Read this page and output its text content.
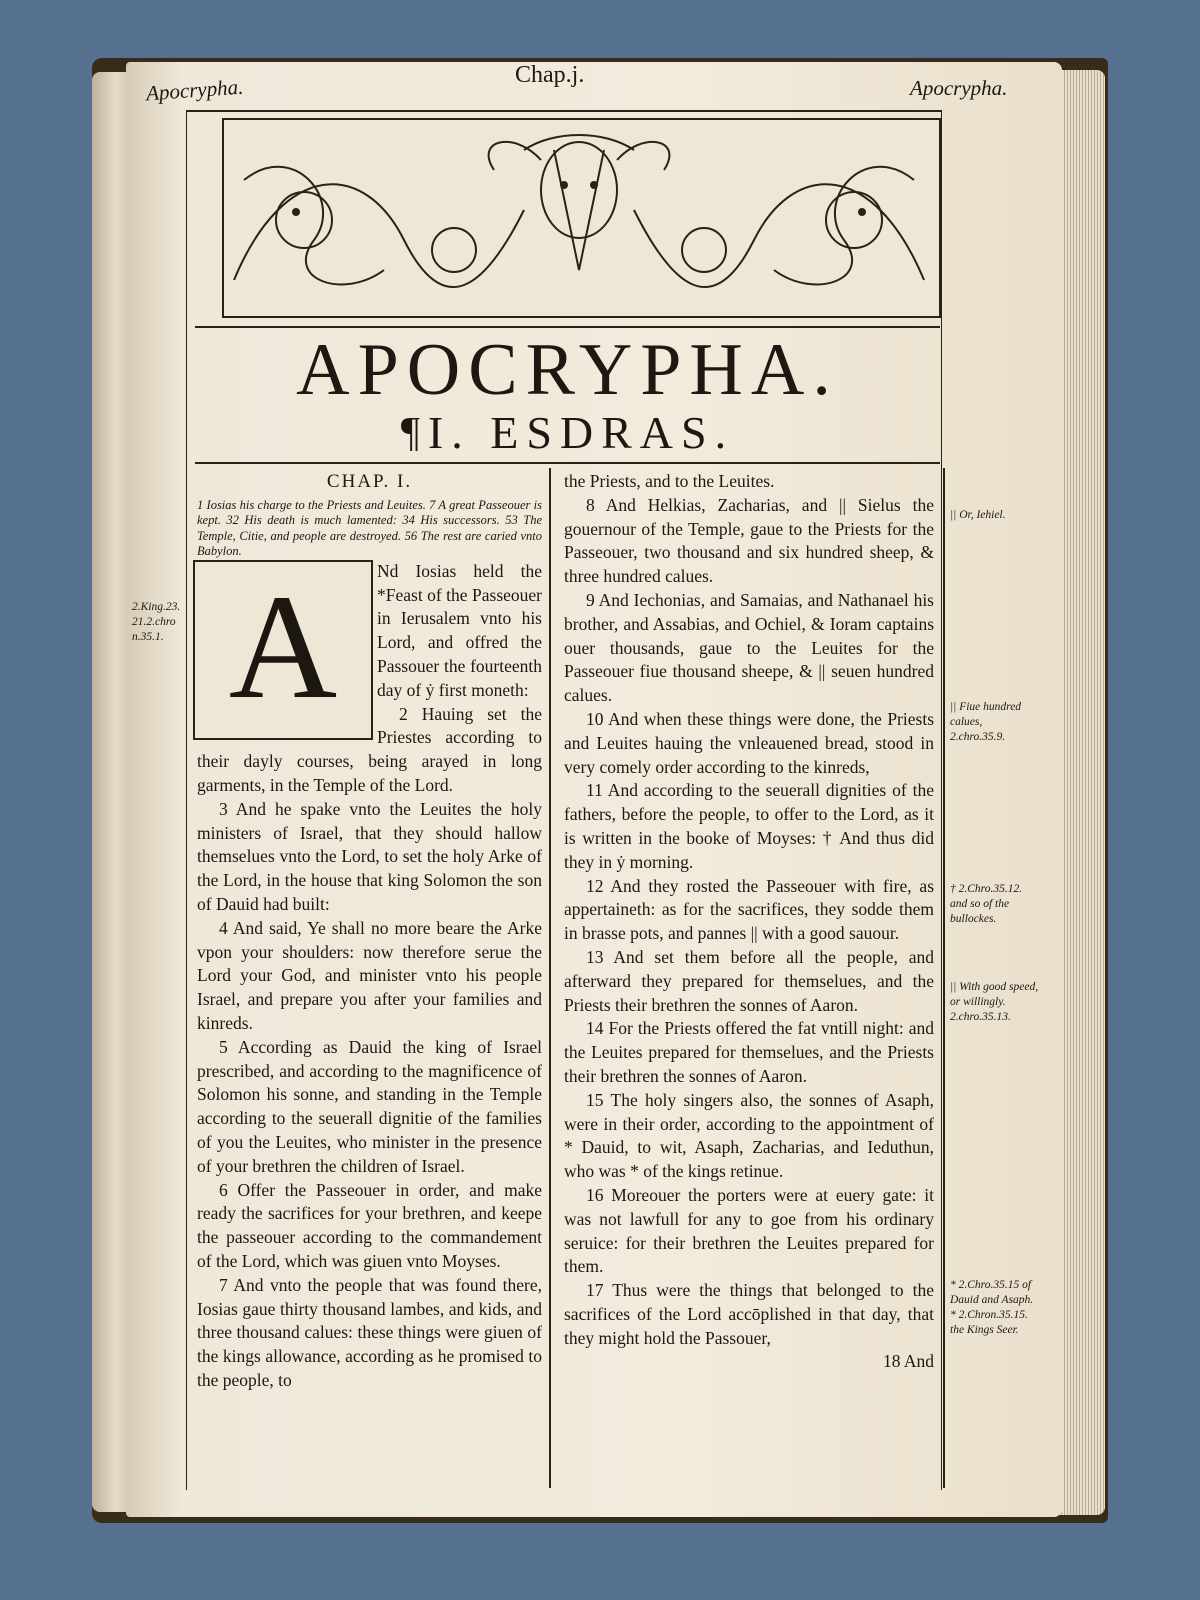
Apocrypha.	Chap.j.	Apocrypha.
APOCRYPHA.
¶I. ESDRAS.
2.King.23.21.2.chron.35.1.
CHAP. I.

1 Iosias his charge to the Priests and Leuites. 7 A great Passeouer is kept. 32 His death is much lamented: 34 His successors. 53 The Temple, Citie, and people are destroyed. 56 The rest are caried vnto Babylon.

A	Nd Iosias held the *Feast of the Passeouer in Ierusalem vnto his Lord, and offred the Passouer the fourteenth day of ẏ first moneth:

2 Hauing set the Priestes according to their dayly courses, being arayed in long garments, in the Temple of the Lord.

3 And he spake vnto the Leuites the holy ministers of Israel, that they should hallow themselues vnto the Lord, to set the holy Arke of the Lord, in the house that king Solomon the son of Dauid had built:

4 And said, Ye shall no more beare the Arke vpon your shoulders: now therefore serue the Lord your God, and minister vnto his people Israel, and prepare you after your families and kinreds.

5 According as Dauid the king of Israel prescribed, and according to the magnificence of Solomon his sonne, and standing in the Temple according to the seuerall dignitie of the families of you the Leuites, who minister in the presence of your brethren the children of Israel.

6 Offer the Passeouer in order, and make ready the sacrifices for your brethren, and keepe the passeouer according to the commandement of the Lord, which was giuen vnto Moyses.

7 And vnto the people that was found there, Iosias gaue thirty thousand lambes, and kids, and three thousand calues: these things were giuen of the kings allowance, according as he promised to the people, to

the Priests, and to the Leuites.

8 And Helkias, Zacharias, and || Sielus the gouernour of the Temple, gaue to the Priests for the Passeouer, two thousand and six hundred sheep, & three hundred calues.

9 And Iechonias, and Samaias, and Nathanael his brother, and Assabias, and Ochiel, & Ioram captains ouer thousands, gaue to the Leuites for the Passeouer fiue thousand sheepe, & || seuen hundred calues.

10 And when these things were done, the Priests and Leuites hauing the vnleauened bread, stood in very comely order according to the kinreds,

11 And according to the seuerall dignities of the fathers, before the people, to offer to the Lord, as it is written in the booke of Moyses: † And thus did they in ẏ morning.

12 And they rosted the Passeouer with fire, as appertaineth: as for the sacrifices, they sodde them in brasse pots, and pannes || with a good sauour.

13 And set them before all the people, and afterward they prepared for themselues, and the Priests their brethren the sonnes of Aaron.

14 For the Priests offered the fat vntill night: and the Leuites prepared for themselues, and the Priests their brethren the sonnes of Aaron.

15 The holy singers also, the sonnes of Asaph, were in their order, according to the appointment of * Dauid, to wit, Asaph, Zacharias, and Ieduthun, who was * of the kings retinue.

16 Moreouer the porters were at euery gate: it was not lawfull for any to goe from his ordinary seruice: for their brethren the Leuites prepared for them.

17 Thus were the things that belonged to the sacrifices of the Lord accōplished in that day, that they might hold the Passouer,

18 And

|| Or, Iehiel.
|| Fiue hundred calues, 2.chro.35.9.
† 2.Chro.35.12. and so of the bullockes.
|| With good speed, or willingly. 2.chro.35.13.
* 2.Chro.35.15 of Dauid and Asaph. * 2.Chron.35.15. the Kings Seer.
